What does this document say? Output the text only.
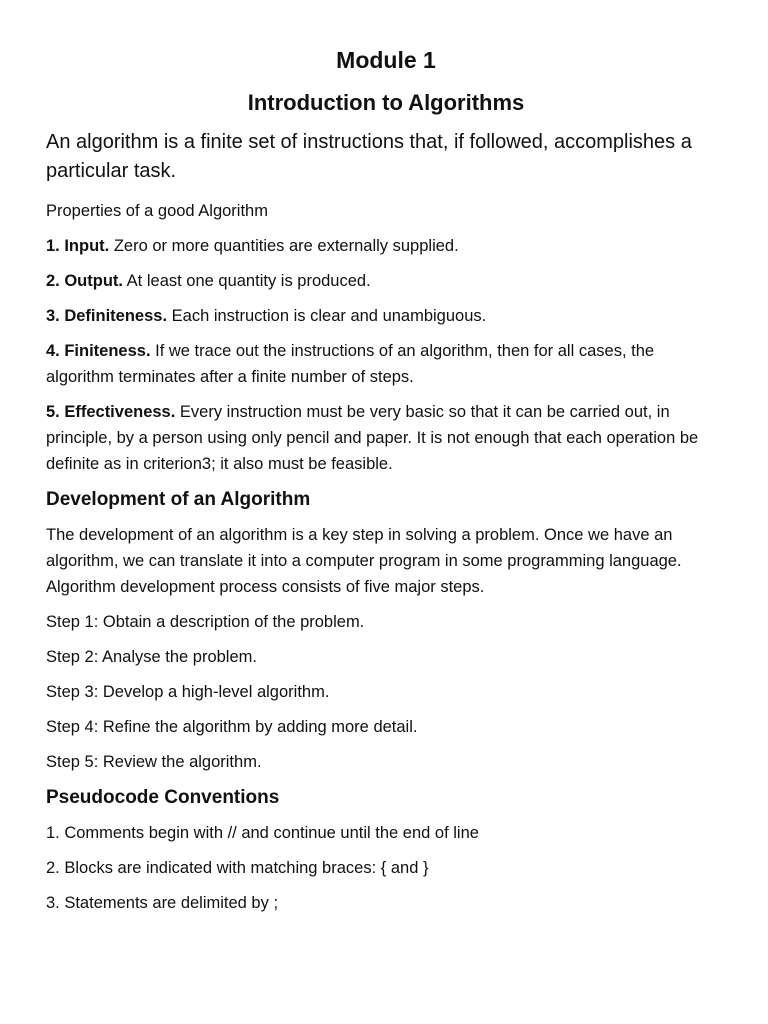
Module 1
Introduction to Algorithms
An algorithm is a finite set of instructions that, if followed, accomplishes a particular task.

Properties of a good Algorithm

1. Input. Zero or more quantities are externally supplied.

2. Output. At least one quantity is produced.

3. Definiteness. Each instruction is clear and unambiguous.

4. Finiteness. If we trace out the instructions of an algorithm, then for all cases, the algorithm terminates after a finite number of steps.

5. Effectiveness. Every instruction must be very basic so that it can be carried out, in principle, by a person using only pencil and paper. It is not enough that each operation be definite as in criterion3; it also must be feasible.

Development of an Algorithm

The development of an algorithm is a key step in solving a problem. Once we have an algorithm, we can translate it into a computer program in some programming language. Algorithm development process consists of five major steps.

Step 1: Obtain a description of the problem.

Step 2: Analyse the problem.

Step 3: Develop a high-level algorithm.

Step 4: Refine the algorithm by adding more detail.

Step 5: Review the algorithm.

Pseudocode Conventions

1. Comments begin with // and continue until the end of line

2. Blocks are indicated with matching braces: { and }

3. Statements are delimited by ;
